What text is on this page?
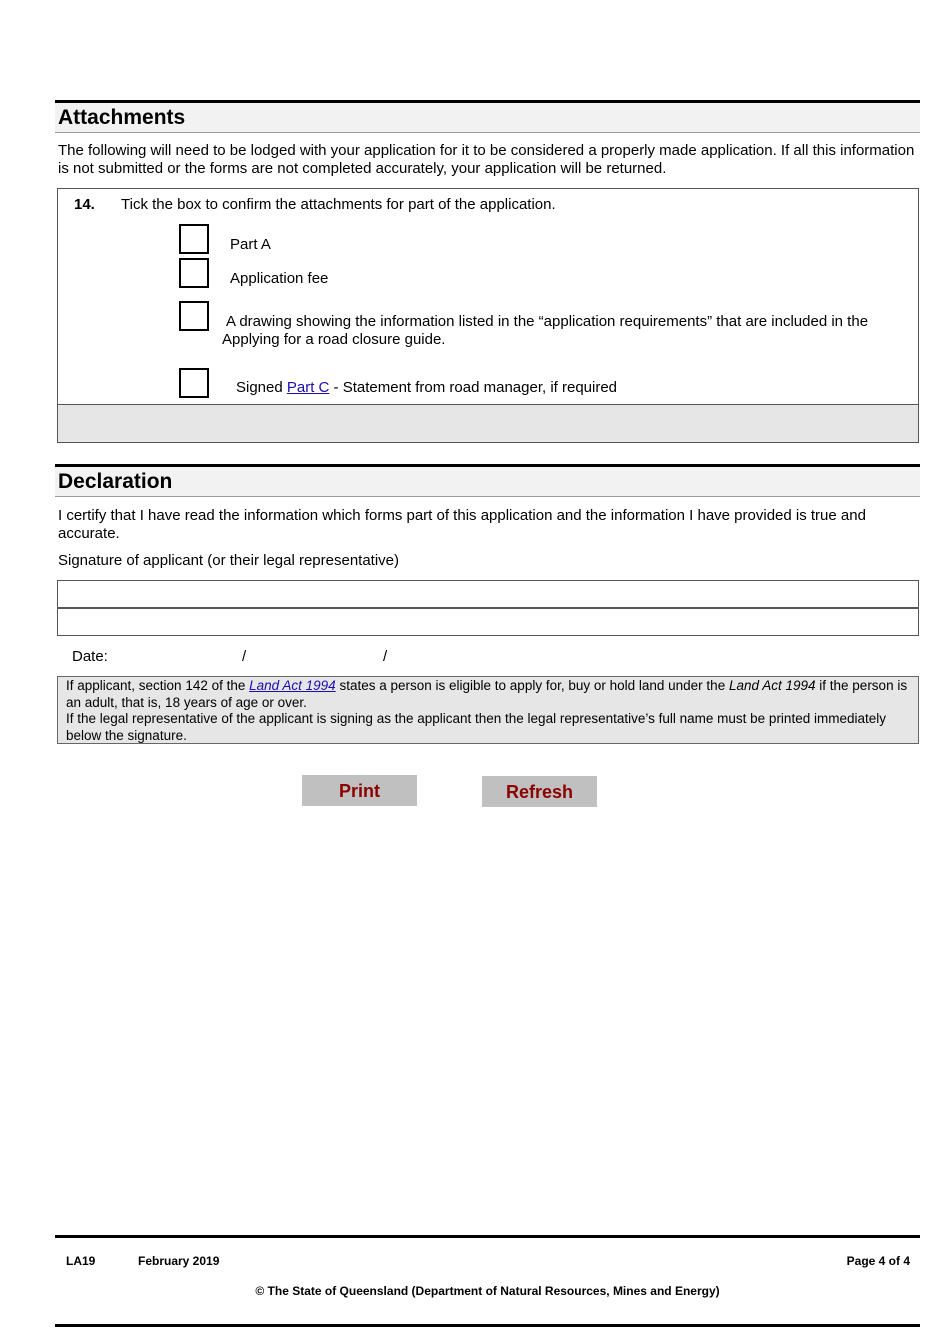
Attachments
The following will need to be lodged with your application for it to be considered a properly made application. If all this information is not submitted or the forms are not completed accurately, your application will be returned.
14. Tick the box to confirm the attachments for part of the application.
Part A
Application fee
A drawing showing the information listed in the “application requirements” that are included in the Applying for a road closure guide.
Signed Part C - Statement from road manager, if required
Declaration
I certify that I have read the information which forms part of this application and the information I have provided is true and accurate.
Signature of applicant (or their legal representative)
Date:	/	/
If applicant, section 142 of the Land Act 1994 states a person is eligible to apply for, buy or hold land under the Land Act 1994 if the person is an adult, that is, 18 years of age or over.
If the legal representative of the applicant is signing as the applicant then the legal representative’s full name must be printed immediately below the signature.
Print	Refresh
LA19	February 2019	Page 4 of 4
© The State of Queensland (Department of Natural Resources, Mines and Energy)
